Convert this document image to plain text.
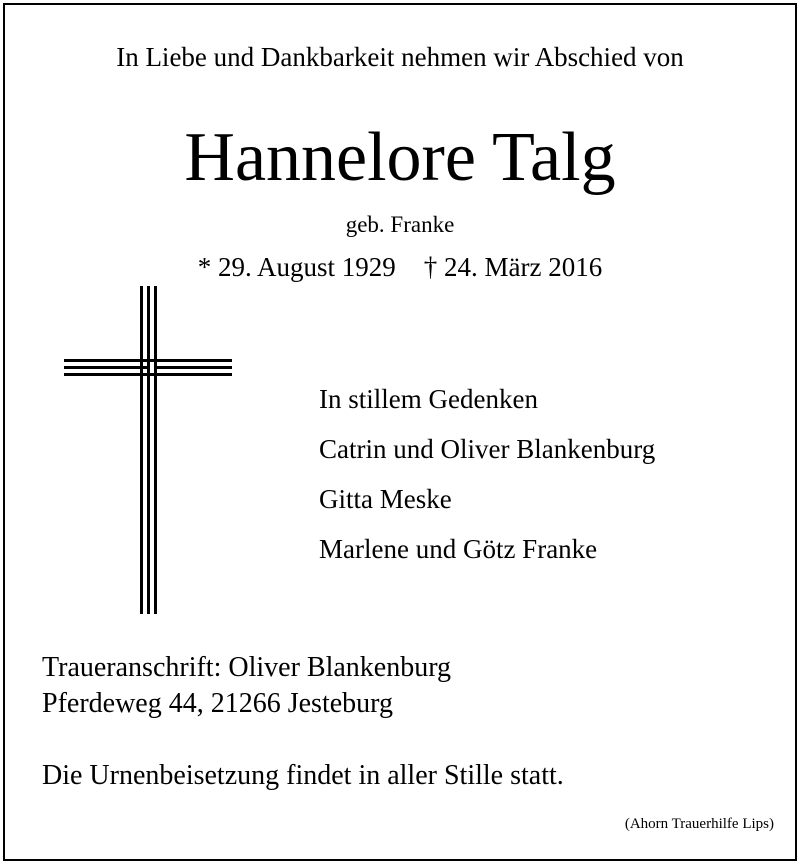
In Liebe und Dankbarkeit nehmen wir Abschied von
Hannelore Talg
geb. Franke
* 29. August 1929 † 24. März 2016
In stillem Gedenken
Catrin und Oliver Blankenburg
Gitta Meske
Marlene und Götz Franke
Traueranschrift: Oliver Blankenburg
Pferdeweg 44, 21266 Jesteburg
Die Urnenbeisetzung findet in aller Stille statt.
(Ahorn Trauerhilfe Lips)
